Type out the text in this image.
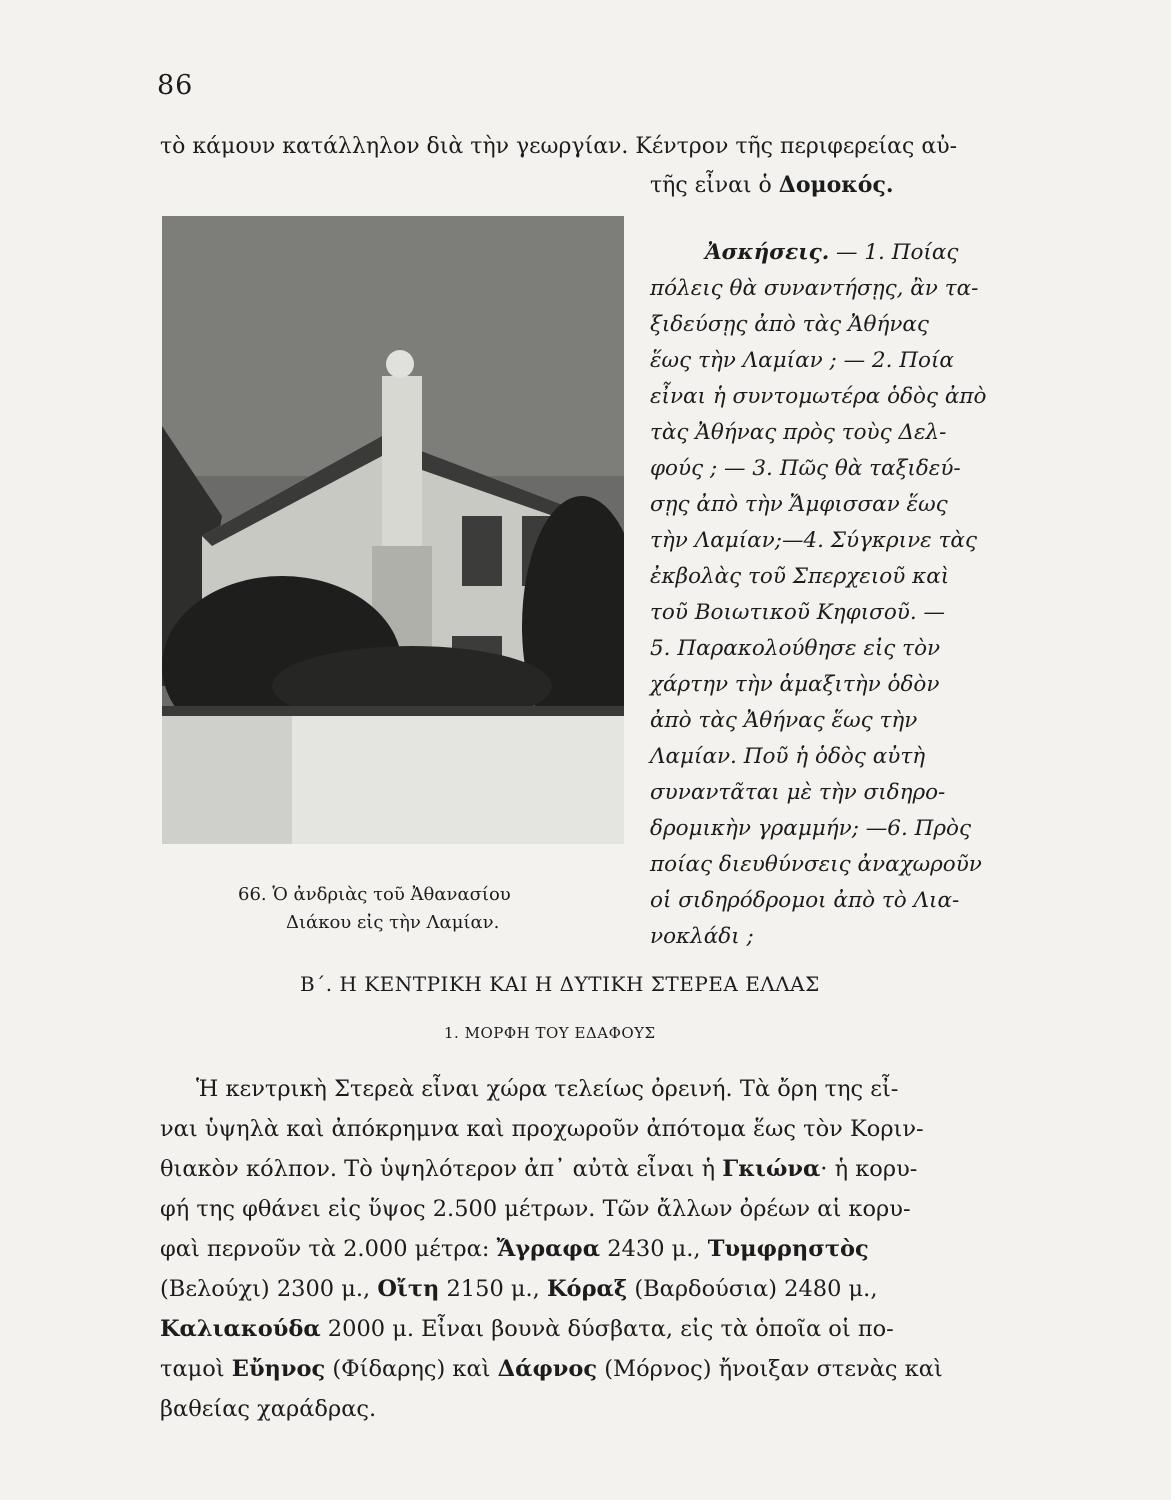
86
τὸ κάμουν κατάλληλον διὰ τὴν γεωργίαν. Κέντρον τῆς περιφερείας αὐ-
τῆς εἶναι ὁ Δομοκός.
66. Ὁ ἀνδριὰς τοῦ Ἀθανασίου
Διάκου εἰς τὴν Λαμίαν.
Ἀσκήσεις. — 1. Ποίας
πόλεις θὰ συναντήσῃς, ἂν τα-
ξιδεύσῃς ἀπὸ τὰς Ἀθήνας
ἕως τὴν Λαμίαν ; — 2. Ποία
εἶναι ἡ συντομωτέρα ὁδὸς ἀπὸ
τὰς Ἀθήνας πρὸς τοὺς Δελ-
φούς ; — 3. Πῶς θὰ ταξιδεύ-
σῃς ἀπὸ τὴν Ἄμφισσαν ἕως
τὴν Λαμίαν;—4. Σύγκρινε τὰς
ἐκβολὰς τοῦ Σπερχειοῦ καὶ
τοῦ Βοιωτικοῦ Κηφισοῦ. —
5. Παρακολούθησε εἰς τὸν
χάρτην τὴν ἁμαξιτὴν ὁδὸν
ἀπὸ τὰς Ἀθήνας ἕως τὴν
Λαμίαν. Ποῦ ἡ ὁδὸς αὐτὴ
συναντᾶται μὲ τὴν σιδηρο-
δρομικὴν γραμμήν; —6. Πρὸς
ποίας διευθύνσεις ἀναχωροῦν
οἱ σιδηρόδρομοι ἀπὸ τὸ Λια-
νοκλάδι ;
Β΄. Η ΚΕΝΤΡΙΚΗ ΚΑΙ Η ΔΥΤΙΚΗ ΣΤΕΡΕΑ ΕΛΛΑΣ
1. ΜΟΡΦΗ ΤΟΥ ΕΔΑΦΟΥΣ
Ἡ κεντρικὴ Στερεὰ εἶναι χώρα τελείως ὀρεινή. Τὰ ὄρη της εἶ-
ναι ὑψηλὰ καὶ ἀπόκρημνα καὶ προχωροῦν ἀπότομα ἕως τὸν Κοριν-
θιακὸν κόλπον. Τὸ ὑψηλότερον ἀπ᾿ αὐτὰ εἶναι ἡ Γκιώνα· ἡ κορυ-
φή της φθάνει εἰς ὕψος 2.500 μέτρων. Τῶν ἄλλων ὀρέων αἱ κορυ-
φαὶ περνοῦν τὰ 2.000 μέτρα: Ἄγραφα 2430 μ., Τυμφρηστὸς
(Βελούχι) 2300 μ., Οἴτη 2150 μ., Κόραξ (Βαρδούσια) 2480 μ.,
Καλιακούδα 2000 μ. Εἶναι βουνὰ δύσβατα, εἰς τὰ ὁποῖα οἱ πο-
ταμοὶ Εὔηνος (Φίδαρης) καὶ Δάφνος (Μόρνος) ἤνοιξαν στενὰς καὶ
βαθείας χαράδρας.
